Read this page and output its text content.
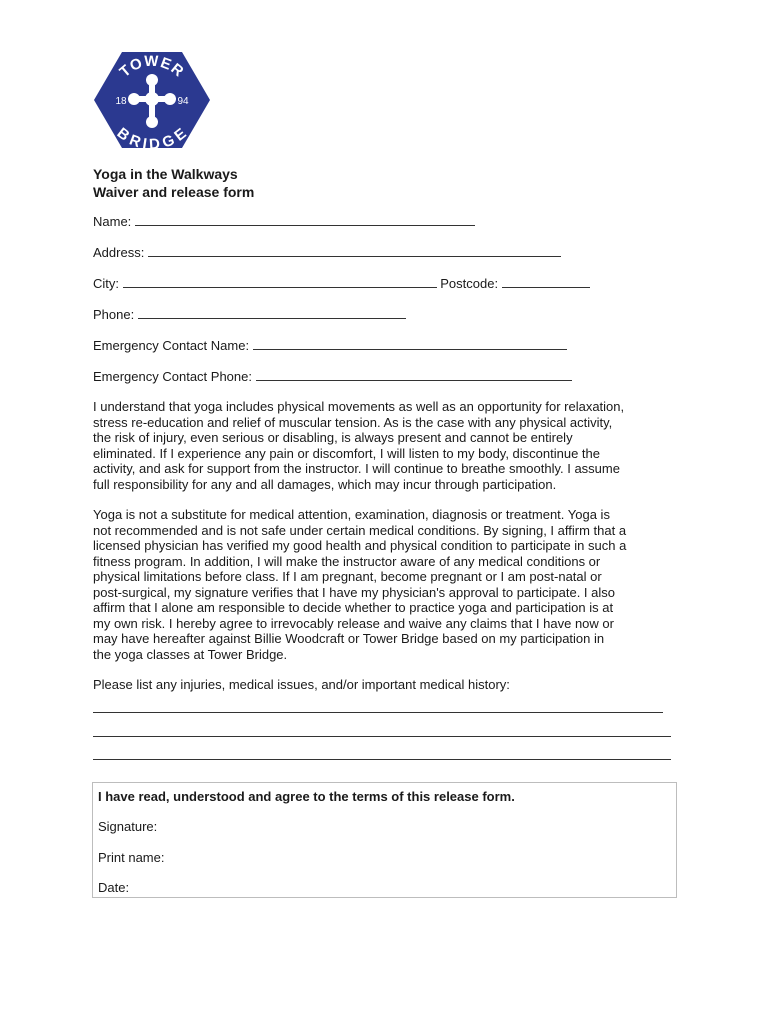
TOWER
BRIDGE
18	94
Yoga in the Walkways
Waiver and release form
Name:
Address:
City:	Postcode:
Phone:
Emergency Contact Name:
Emergency Contact Phone:

I understand that yoga includes physical movements as well as an opportunity for relaxation,
stress re-education and relief of muscular tension. As is the case with any physical activity,
the risk of injury, even serious or disabling, is always present and cannot be entirely
eliminated. If I experience any pain or discomfort, I will listen to my body, discontinue the
activity, and ask for support from the instructor. I will continue to breathe smoothly. I assume
full responsibility for any and all damages, which may incur through participation.

Yoga is not a substitute for medical attention, examination, diagnosis or treatment. Yoga is
not recommended and is not safe under certain medical conditions. By signing, I affirm that a
licensed physician has verified my good health and physical condition to participate in such a
fitness program. In addition, I will make the instructor aware of any medical conditions or
physical limitations before class. If I am pregnant, become pregnant or I am post-natal or
post-surgical, my signature verifies that I have my physician's approval to participate. I also
affirm that I alone am responsible to decide whether to practice yoga and participation is at
my own risk. I hereby agree to irrevocably release and waive any claims that I have now or
may have hereafter against Billie Woodcraft or Tower Bridge based on my participation in
the yoga classes at Tower Bridge.

Please list any injuries, medical issues, and/or important medical history:

I have read, understood and agree to the terms of this release form.
Signature:
Print name:
Date:
